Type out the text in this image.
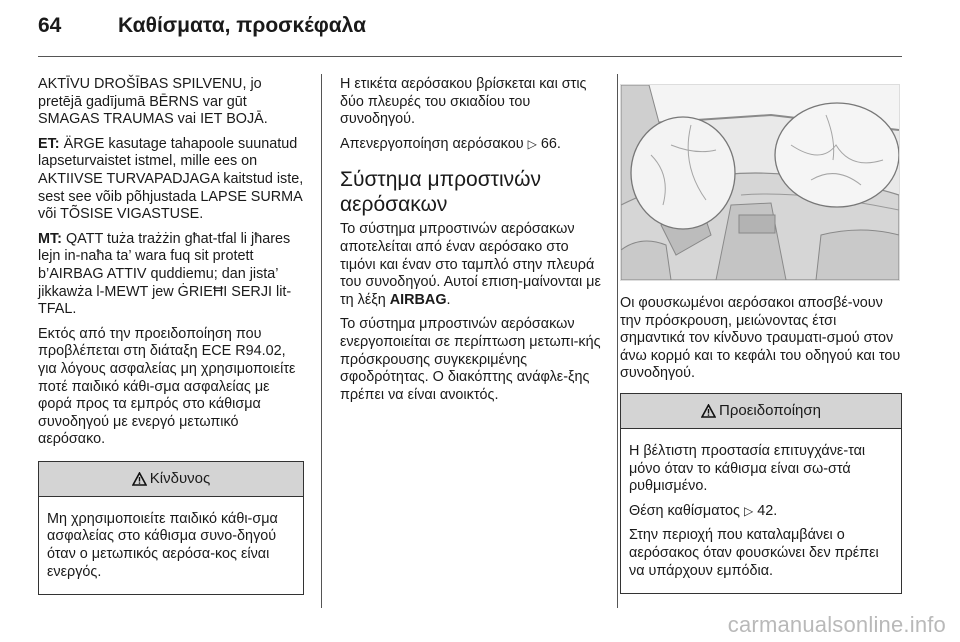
64	Καθίσματα, προσκέφαλα

AKTĪVU DROŠĪBAS SPILVENU, jo pretējā gadījumā BĒRNS var gūt SMAGAS TRAUMAS vai IET BOJĀ.

ET: ÄRGE kasutage tahapoole suunatud lapseturvaistet istmel, mille ees on AKTIIVSE TURVAPADJAGA kaitstud iste, sest see võib põhjustada LAPSE SURMA või TÕSISE VIGASTUSE.

MT: QATT tuża trażżin għat-tfal li jħares lejn in-naħa ta’ wara fuq sit protett b’AIRBAG ATTIV quddiemu; dan jista’ jikkawża l-MEWT jew ĠRIEĦI SERJI lit-TFAL.

Εκτός από την προειδοποίηση που προβλέπεται στη διάταξη ECE R94.02, για λόγους ασφαλείας μη χρησιμοποιείτε ποτέ παιδικό κάθι-σμα ασφαλείας με φορά προς τα εμπρός στο κάθισμα συνοδηγού με ενεργό μετωπικό αερόσακο.

Κίνδυνος

Μη χρησιμοποιείτε παιδικό κάθι-σμα ασφαλείας στο κάθισμα συνο-δηγού όταν ο μετωπικός αερόσα-κος είναι ενεργός.

Η ετικέτα αερόσακου βρίσκεται και στις δύο πλευρές του σκιαδίου του συνοδηγού.

Απενεργοποίηση αερόσακου ▷ 66.

Σύστημα μπροστινών αερόσακων

Το σύστημα μπροστινών αερόσακων αποτελείται από έναν αερόσακο στο τιμόνι και έναν στο ταμπλό στην πλευρά του συνοδηγού. Αυτοί επιση-μαίνονται με τη λέξη AIRBAG.

Το σύστημα μπροστινών αερόσακων ενεργοποιείται σε περίπτωση μετωπι-κής πρόσκρουσης συγκεκριμένης σφοδρότητας. Ο διακόπτης ανάφλε-ξης πρέπει να είναι ανοικτός.

Οι φουσκωμένοι αερόσακοι αποσβέ-νουν την πρόσκρουση, μειώνοντας έτσι σημαντικά τον κίνδυνο τραυματι-σμού στον άνω κορμό και το κεφάλι του οδηγού και του συνοδηγού.

Προειδοποίηση

Η βέλτιστη προστασία επιτυγχάνε-ται μόνο όταν το κάθισμα είναι σω-στά ρυθμισμένο.

Θέση καθίσματος ▷ 42.

Στην περιοχή που καταλαμβάνει ο αερόσακος όταν φουσκώνει δεν πρέπει να υπάρχουν εμπόδια.

carmanualsonline.info
